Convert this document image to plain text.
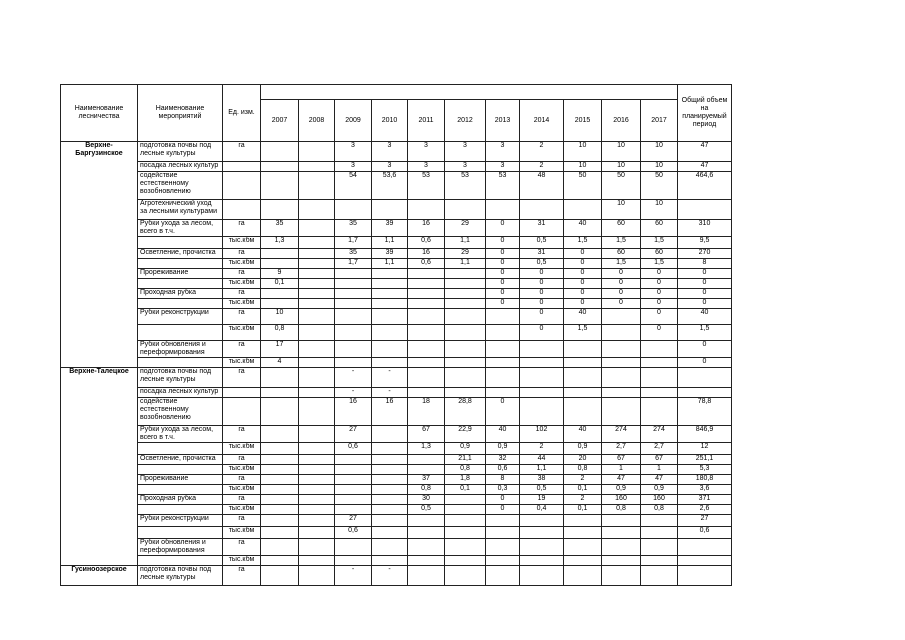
Наименование лесничества	Наименование мероприятий	Ед. изм.												Общий объем на планируемый период
			2007	2008	2009	2010	2011	2012	2013	2014	2015	2016	2017	
Верхне-Баргузинское	подготовка почвы под лесные культуры	га			3	3	3	3	3	2	10	10	10	47
	посадка лесных культур				3	3	3	3	3	2	10	10	10	47
	содействие естественному возобновлению				54	53,6	53	53	53	48	50	50	50	464,6
	Агротехнический уход за лесными культурами											10	10	
	Рубки ухода за лесом, всего в т.ч.	га	35		35	39	16	29	0	31	40	60	60	310
		тыс.кбм	1,3		1,7	1,1	0,6	1,1	0	0,5	1,5	1,5	1,5	9,5
	Осветление, прочистка	га			35	39	16	29	0	31	0	60	60	270
		тыс.кбм			1,7	1,1	0,6	1,1	0	0,5	0	1,5	1,5	8
	Прореживание	га	9						0	0	0	0	0	0
		тыс.кбм	0,1						0	0	0	0	0	0
	Проходная рубка	га							0	0	0	0	0	0
		тыс.кбм							0	0	0	0	0	0
	Рубки реконструкции	га	10							0	40		0	40
		тыс.кбм	0,8							0	1,5		0	1,5
	Рубки обновления и переформирования	га	17											0
		тыс.кбм	4											0
Верхне-Талецкое	подготовка почвы под лесные культуры	га			-	-								
	посадка лесных культур				-	-								
	содействие естественному возобновлению				16	16	18	28,8	0					78,8
	Рубки ухода за лесом, всего в т.ч.	га			27		67	22,9	40	102	40	274	274	846,9
		тыс.кбм			0,6		1,3	0,9	0,9	2	0,9	2,7	2,7	12
	Осветление, прочистка	га						21,1	32	44	20	67	67	251,1
		тыс.кбм						0,8	0,6	1,1	0,8	1	1	5,3
	Прореживание	га					37	1,8	8	38	2	47	47	180,8
		тыс.кбм					0,8	0,1	0,3	0,5	0,1	0,9	0,9	3,6
	Проходная рубка	га					30		0	19	2	160	160	371
		тыс.кбм					0,5		0	0,4	0,1	0,8	0,8	2,6
	Рубки реконструкции	га			27									27
		тыс.кбм			0,6									0,6
	Рубки обновления и переформирования	га												
		тыс.кбм												
Гусиноозерское	подготовка почвы под лесные культуры	га			-	-								
